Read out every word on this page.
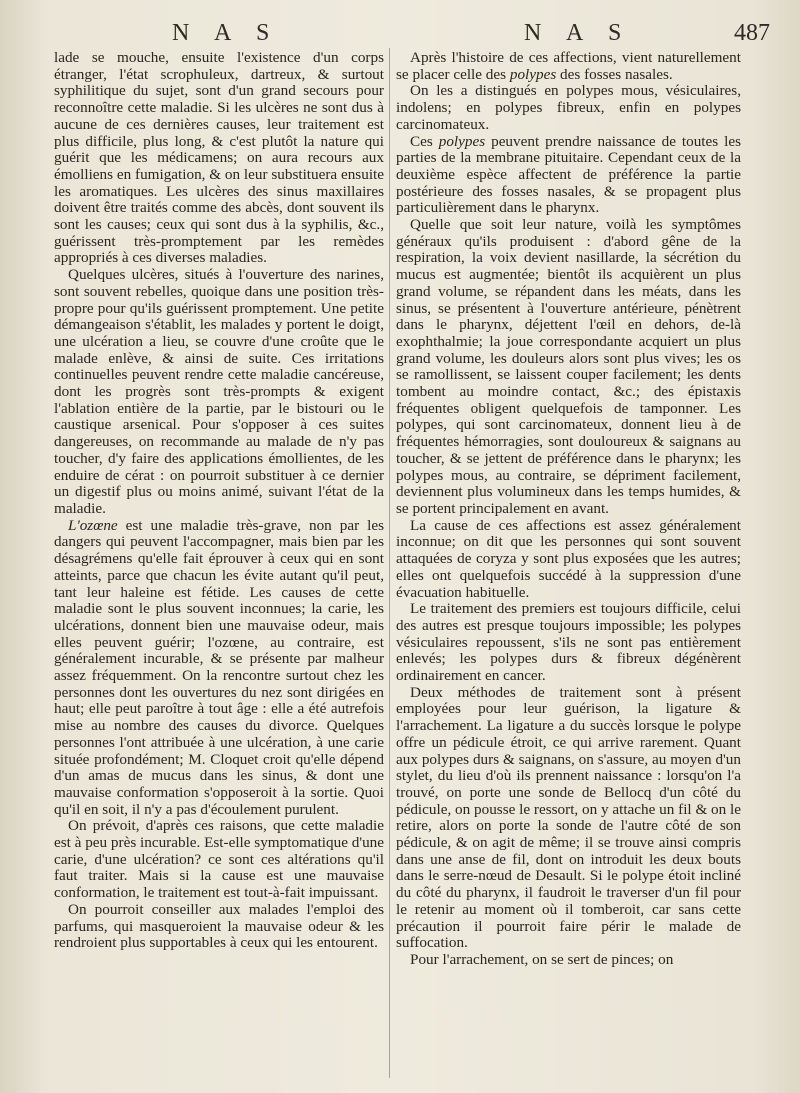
N A S	N A S	487

lade se mouche, ensuite l'existence d'un corps étranger, l'état scrophuleux, dartreux, & surtout syphilitique du sujet, sont d'un grand secours pour reconnoître cette maladie. Si les ulcères ne sont dus à aucune de ces dernières causes, leur traitement est plus difficile, plus long, & c'est plutôt la nature qui guérit que les médicamens; on aura recours aux émolliens en fumigation, & on leur substituera ensuite les aromatiques. Les ulcères des sinus maxillaires doivent être traités comme des abcès, dont souvent ils sont les causes; ceux qui sont dus à la syphilis, &c., guérissent très-promptement par les remèdes appropriés à ces diverses maladies.

Quelques ulcères, situés à l'ouverture des narines, sont souvent rebelles, quoique dans une position très-propre pour qu'ils guérissent promptement. Une petite démangeaison s'établit, les malades y portent le doigt, une ulcération a lieu, se couvre d'une croûte que le malade enlève, & ainsi de suite. Ces irritations continuelles peuvent rendre cette maladie cancéreuse, dont les progrès sont très-prompts & exigent l'ablation entière de la partie, par le bistouri ou le caustique arsenical. Pour s'opposer à ces suites dangereuses, on recommande au malade de n'y pas toucher, d'y faire des applications émollientes, de les enduire de cérat : on pourroit substituer à ce dernier un digestif plus ou moins animé, suivant l'état de la maladie.

L'ozœne est une maladie très-grave, non par les dangers qui peuvent l'accompagner, mais bien par les désagrémens qu'elle fait éprouver à ceux qui en sont atteints, parce que chacun les évite autant qu'il peut, tant leur haleine est fétide. Les causes de cette maladie sont le plus souvent inconnues; la carie, les ulcérations, donnent bien une mauvaise odeur, mais elles peuvent guérir; l'ozœne, au contraire, est généralement incurable, & se présente par malheur assez fréquemment. On la rencontre surtout chez les personnes dont les ouvertures du nez sont dirigées en haut; elle peut paroître à tout âge : elle a été autrefois mise au nombre des causes du divorce. Quelques personnes l'ont attribuée à une ulcération, à une carie située profondément; M. Cloquet croit qu'elle dépend d'un amas de mucus dans les sinus, & dont une mauvaise conformation s'opposeroit à la sortie. Quoi qu'il en soit, il n'y a pas d'écoulement purulent.

On prévoit, d'après ces raisons, que cette maladie est à peu près incurable. Est-elle symptomatique d'une carie, d'une ulcération? ce sont ces altérations qu'il faut traiter. Mais si la cause est une mauvaise conformation, le traitement est tout-à-fait impuissant.

On pourroit conseiller aux malades l'emploi des parfums, qui masqueroient la mauvaise odeur & les rendroient plus supportables à ceux qui les entourent.

Après l'histoire de ces affections, vient naturellement se placer celle des polypes des fosses nasales.

On les a distingués en polypes mous, vésiculaires, indolens; en polypes fibreux, enfin en polypes carcinomateux.

Ces polypes peuvent prendre naissance de toutes les parties de la membrane pituitaire. Cependant ceux de la deuxième espèce affectent de préférence la partie postérieure des fosses nasales, & se propagent plus particulièrement dans le pharynx.

Quelle que soit leur nature, voilà les symptômes généraux qu'ils produisent : d'abord gêne de la respiration, la voix devient nasillarde, la sécrétion du mucus est augmentée; bientôt ils acquièrent un plus grand volume, se répandent dans les méats, dans les sinus, se présentent à l'ouverture antérieure, pénètrent dans le pharynx, déjettent l'œil en dehors, de-là exophthalmie; la joue correspondante acquiert un plus grand volume, les douleurs alors sont plus vives; les os se ramollissent, se laissent couper facilement; les dents tombent au moindre contact, &c.; des épistaxis fréquentes obligent quelquefois de tamponner. Les polypes, qui sont carcinomateux, donnent lieu à de fréquentes hémorragies, sont douloureux & saignans au toucher, & se jettent de préférence dans le pharynx; les polypes mous, au contraire, se dépriment facilement, deviennent plus volumineux dans les temps humides, & se portent principalement en avant.

La cause de ces affections est assez généralement inconnue; on dit que les personnes qui sont souvent attaquées de coryza y sont plus exposées que les autres; elles ont quelquefois succédé à la suppression d'une évacuation habituelle.

Le traitement des premiers est toujours difficile, celui des autres est presque toujours impossible; les polypes vésiculaires repoussent, s'ils ne sont pas entièrement enlevés; les polypes durs & fibreux dégénèrent ordinairement en cancer.

Deux méthodes de traitement sont à présent employées pour leur guérison, la ligature & l'arrachement. La ligature a du succès lorsque le polype offre un pédicule étroit, ce qui arrive rarement. Quant aux polypes durs & saignans, on s'assure, au moyen d'un stylet, du lieu d'où ils prennent naissance : lorsqu'on l'a trouvé, on porte une sonde de Bellocq d'un côté du pédicule, on pousse le ressort, on y attache un fil & on le retire, alors on porte la sonde de l'autre côté de son pédicule, & on agit de même; il se trouve ainsi compris dans une anse de fil, dont on introduit les deux bouts dans le serre-nœud de Desault. Si le polype étoit incliné du côté du pharynx, il faudroit le traverser d'un fil pour le retenir au moment où il tomberoit, car sans cette précaution il pourroit faire périr le malade de suffocation.

Pour l'arrachement, on se sert de pinces; on
